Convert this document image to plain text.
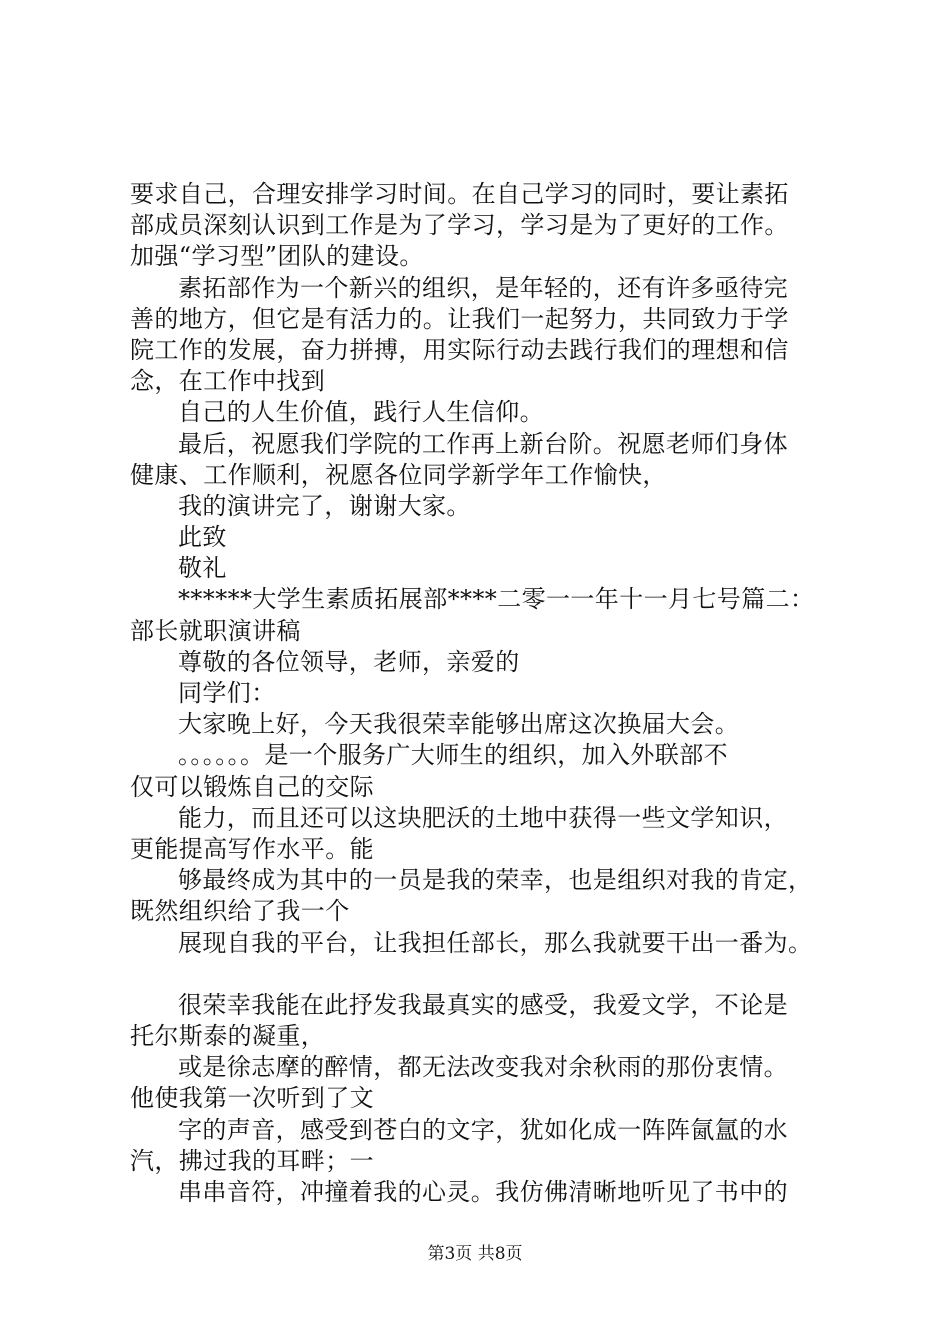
要求自己，合理安排学习时间。在自己学习的同时，要让素拓
部成员深刻认识到工作是为了学习，学习是为了更好的工作。
加强“学习型”团队的建设。
素拓部作为一个新兴的组织，是年轻的，还有许多亟待完
善的地方，但它是有活力的。让我们一起努力，共同致力于学
院工作的发展，奋力拼搏，用实际行动去践行我们的理想和信
念，在工作中找到
自己的人生价值，践行人生信仰。
最后，祝愿我们学院的工作再上新台阶。祝愿老师们身体
健康、工作顺利，祝愿各位同学新学年工作愉快，
我的演讲完了，谢谢大家。
此致
敬礼
******大学生素质拓展部****二零一一年十一月七号篇二：
部长就职演讲稿
尊敬的各位领导，老师，亲爱的
同学们：
大家晚上好，今天我很荣幸能够出席这次换届大会。
。。。。。。是一个服务广大师生的组织，加入外联部不
仅可以锻炼自己的交际
能力，而且还可以这块肥沃的土地中获得一些文学知识，
更能提高写作水平。能
够最终成为其中的一员是我的荣幸，也是组织对我的肯定，
既然组织给了我一个
展现自我的平台，让我担任部长，那么我就要干出一番为。
很荣幸我能在此抒发我最真实的感受，我爱文学，不论是
托尔斯泰的凝重，
或是徐志摩的醉情，都无法改变我对余秋雨的那份衷情。
他使我第一次听到了文
字的声音，感受到苍白的文字，犹如化成一阵阵氤氲的水
汽，拂过我的耳畔；一
串串音符，冲撞着我的心灵。我仿佛清晰地听见了书中的
第3页 共8页
